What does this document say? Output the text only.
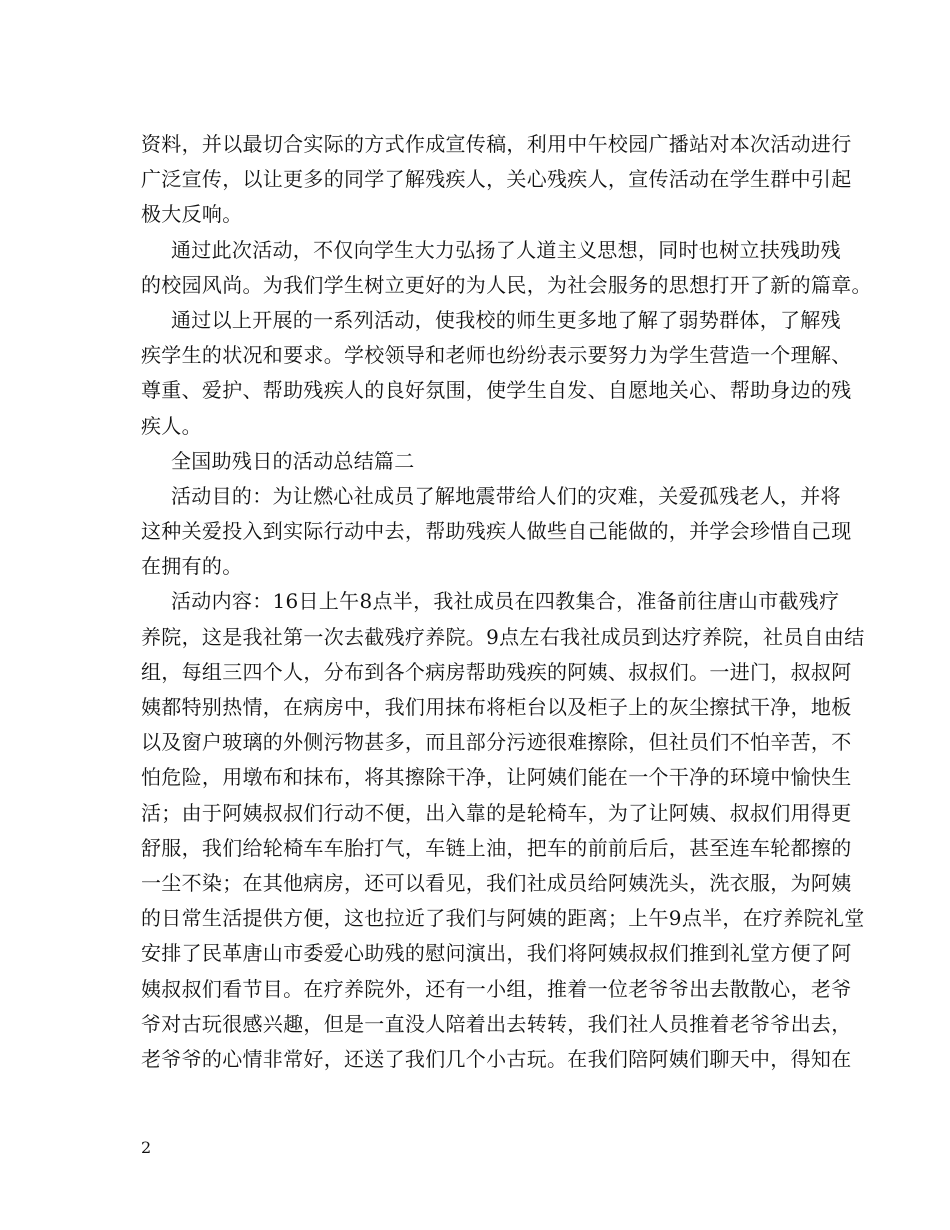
资料，并以最切合实际的方式作成宣传稿，利用中午校园广播站对本次活动进行
广泛宣传，以让更多的同学了解残疾人，关心残疾人，宣传活动在学生群中引起
极大反响。
通过此次活动，不仅向学生大力弘扬了人道主义思想，同时也树立扶残助残
的校园风尚。为我们学生树立更好的为人民，为社会服务的思想打开了新的篇章。
通过以上开展的一系列活动，使我校的师生更多地了解了弱势群体，了解残
疾学生的状况和要求。学校领导和老师也纷纷表示要努力为学生营造一个理解、
尊重、爱护、帮助残疾人的良好氛围，使学生自发、自愿地关心、帮助身边的残
疾人。
全国助残日的活动总结篇二
活动目的：为让燃心社成员了解地震带给人们的灾难，关爱孤残老人，并将
这种关爱投入到实际行动中去，帮助残疾人做些自己能做的，并学会珍惜自己现
在拥有的。
活动内容：16日上午8点半，我社成员在四教集合，准备前往唐山市截残疗
养院，这是我社第一次去截残疗养院。9点左右我社成员到达疗养院，社员自由结
组，每组三四个人，分布到各个病房帮助残疾的阿姨、叔叔们。一进门，叔叔阿
姨都特别热情，在病房中，我们用抹布将柜台以及柜子上的灰尘擦拭干净，地板
以及窗户玻璃的外侧污物甚多，而且部分污迹很难擦除，但社员们不怕辛苦，不
怕危险，用墩布和抹布，将其擦除干净，让阿姨们能在一个干净的环境中愉快生
活；由于阿姨叔叔们行动不便，出入靠的是轮椅车，为了让阿姨、叔叔们用得更
舒服，我们给轮椅车车胎打气，车链上油，把车的前前后后，甚至连车轮都擦的
一尘不染；在其他病房，还可以看见，我们社成员给阿姨洗头，洗衣服，为阿姨
的日常生活提供方便，这也拉近了我们与阿姨的距离；上午9点半，在疗养院礼堂
安排了民革唐山市委爱心助残的慰问演出，我们将阿姨叔叔们推到礼堂方便了阿
姨叔叔们看节目。在疗养院外，还有一小组，推着一位老爷爷出去散散心，老爷
爷对古玩很感兴趣，但是一直没人陪着出去转转，我们社人员推着老爷爷出去，
老爷爷的心情非常好，还送了我们几个小古玩。在我们陪阿姨们聊天中，得知在
2
